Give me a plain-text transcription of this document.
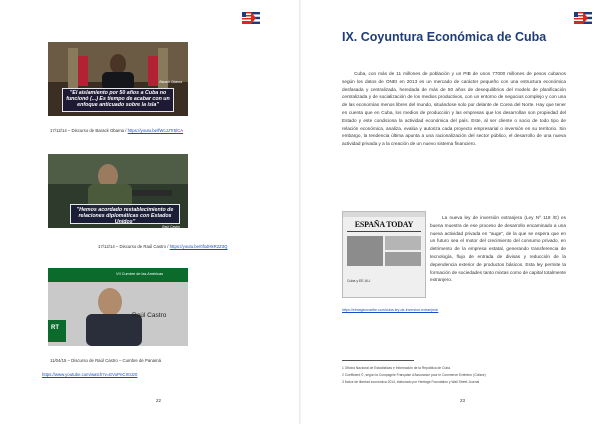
"El aislamiento por 50 años a Cuba no funcionó (...) Es tiempo de acabar con un enfoque anticuado sobre la isla"
Barack Obama
17/12/14 – Discurso de Barack Obama / https://youtu.be/fWcJJTr5lCA
"Hemos acordado restablecimiento de relaciones diplomáticas con Estados Unidos"
Raúl Castro
17/12/14 – Discurso de Raúl Castro / https://youtu.be/0fxdHkR2Z3Q
VII Cumbre de las Américas
RT
Raúl Castro
11/04/15 – Discurso de Raúl Castro – Cumbre de Panamá
https://www.youtube.com/watch?v=EVoPnCX0Jz0
22
IX. Coyuntura Económica de Cuba

Cuba, con más de 11 millones de población y un PIB de unos 77000 millones de pesos cubanos según los datos de ONEI en 2013 es un mercado de carácter pequeño con una estructura económica desfasada y centralizada, heredada de más de 50 años de desequilibrios del modelo de planificación centralizada y de socialización de los medios productivos, con un entorno de negocios complejo y con una de las economías menos libres del mundo, situándose solo por delante de Corea del Norte. Hay que tener en cuenta que en Cuba, los medios de producción y las empresas que los desarrollan son propiedad del Estado y este condiciona la actividad económica del país. Este, al ser cliente o socio de todo tipo de relación económica, analiza, evalúa y autoriza cada proyecto empresarial o inversión en su territorio. Sin embargo, la tendencia última apunta a una racionalización del sector público, el desarrollo de una nueva actividad privada y a la creación de un nuevo sistema financiero.

ESPAÑA TODAY
Cuba y EE.UU.

La nueva ley de inversión extranjera (Ley Nº 118 /E) es buena muestra de ese proceso de desarrollo encaminado a una nueva actividad privada en "auge", de la que se espera que en un futuro sea el motor del crecimiento del consumo privado, en detrimento de la empresa estatal, generando transferencia de tecnología, flujo de entrada de divisas y reducción de la dependencia exterior de productos básicos. Esta ley permite la formación de sociedades tanto mixtas como de capital totalmente extranjero.

https://elmagicocaribe.com/cuba-ley-de-inversion-extranjera/
1 Oficina Nacional de Estadísticas e Información de la República de Cuba.
2 Coefficient ©, según la Compagnie Française d'Assurance pour le Commerce Extérieur (Coface)
3 Índice de libertad económica 2014, elaborado por Heritage Foundation y Wall Street Journal
23
